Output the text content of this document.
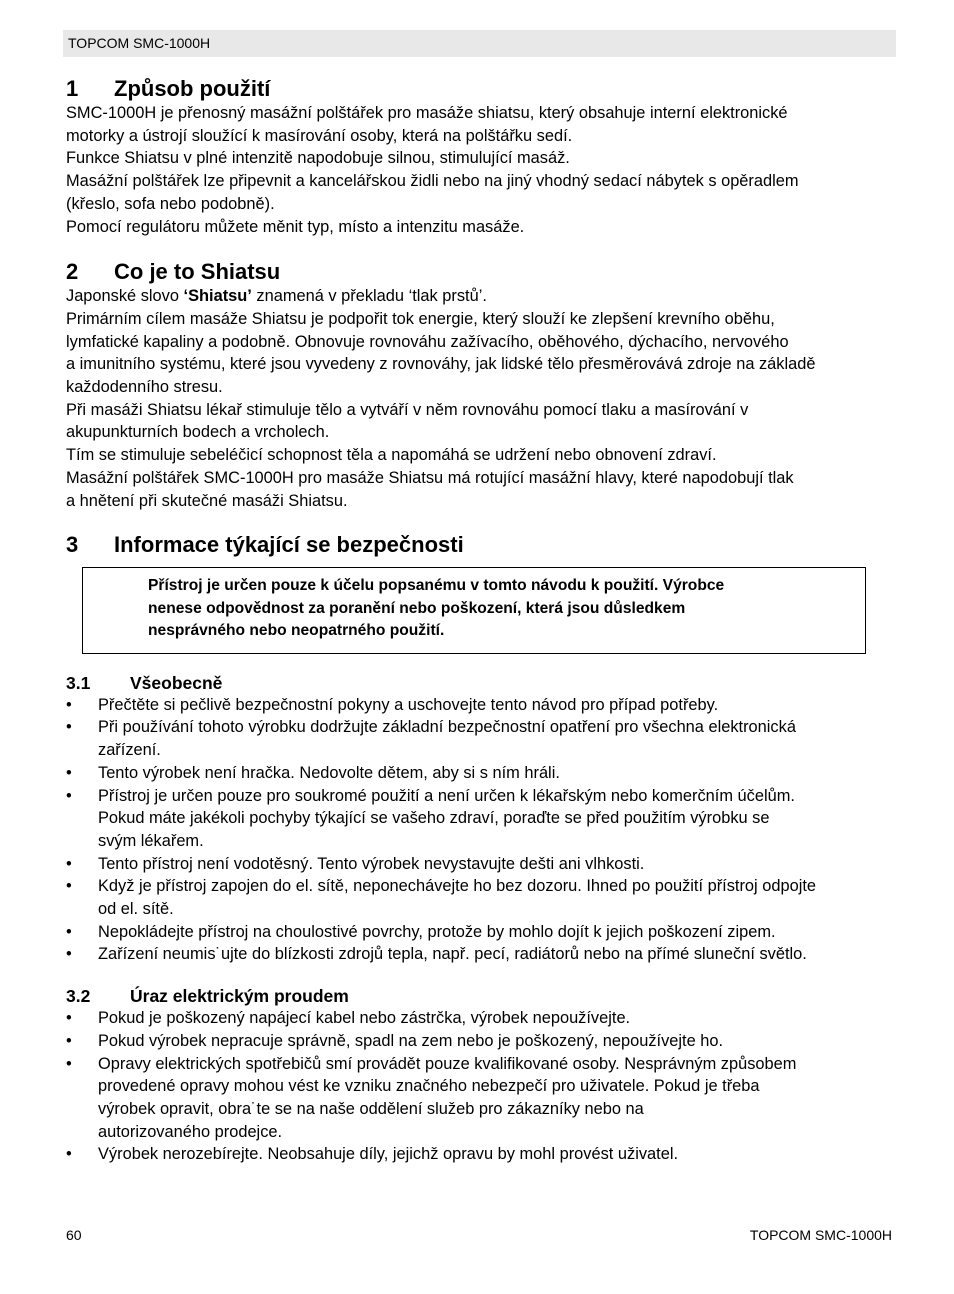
TOPCOM SMC-1000H
1	Způsob použití

SMC-1000H je přenosný masážní polštářek pro masáže shiatsu, který obsahuje interní elektronické

motorky a ústrojí sloužící k masírování osoby, která na polštářku sedí.

Funkce Shiatsu v plné intenzitě napodobuje silnou, stimulující masáž.

Masážní polštářek lze připevnit a kancelářskou židli nebo na jiný vhodný sedací nábytek s opěradlem

(křeslo, sofa nebo podobně).

Pomocí regulátoru můžete měnit typ, místo a intenzitu masáže.

2	Co je to Shiatsu

Japonské slovo ‘Shiatsu’ znamená v překladu ‘tlak prstů’.

Primárním cílem masáže Shiatsu je podpořit tok energie, který slouží ke zlepšení krevního oběhu,

lymfatické kapaliny a podobně. Obnovuje rovnováhu zažívacího, oběhového, dýchacího, nervového

a imunitního systému, které jsou vyvedeny z rovnováhy, jak lidské tělo přesměrovává zdroje na základě

každodenního stresu.

Při masáži Shiatsu lékař stimuluje tělo a vytváří v něm rovnováhu pomocí tlaku a masírování v

akupunkturních bodech a vrcholech.

Tím se stimuluje sebeléčicí schopnost těla a napomáhá se udržení nebo obnovení zdraví.

Masážní polštářek SMC-1000H pro masáže Shiatsu má rotující masážní hlavy, které napodobují tlak

a hnětení při skutečné masáži Shiatsu.

3	Informace týkající se bezpečnosti
Přístroj je určen pouze k účelu popsanému v tomto návodu k použití. Výrobce
nenese odpovědnost za poranění nebo poškození, která jsou důsledkem
nesprávného nebo neopatrného použití.
3.1	Všeobecně
• Přečtěte si pečlivě bezpečnostní pokyny a uschovejte tento návod pro případ potřeby.
• Při používání tohoto výrobku dodržujte základní bezpečnostní opatření pro všechna elektronická
zařízení.
• Tento výrobek není hračka. Nedovolte dětem, aby si s ním hráli.
• Přístroj je určen pouze pro soukromé použití a není určen k lékařským nebo komerčním účelům.
Pokud máte jakékoli pochyby týkající se vašeho zdraví, poraďte se před použitím výrobku se
svým lékařem.
• Tento přístroj není vodotěsný. Tento výrobek nevystavujte dešti ani vlhkosti.
• Když je přístroj zapojen do el. sítě, neponechávejte ho bez dozoru. Ihned po použití přístroj odpojte
od el. sítě.
• Nepokládejte přístroj na choulostivé povrchy, protože by mohlo dojít k jejich poškození zipem.
• Zařízení neumis˙ujte do blízkosti zdrojů tepla, např. pecí, radiátorů nebo na přímé sluneční světlo.
3.2	Úraz elektrickým proudem
• Pokud je poškozený napájecí kabel nebo zástrčka, výrobek nepoužívejte.
• Pokud výrobek nepracuje správně, spadl na zem nebo je poškozený, nepoužívejte ho.
• Opravy elektrických spotřebičů smí provádět pouze kvalifikované osoby. Nesprávným způsobem
provedené opravy mohou vést ke vzniku značného nebezpečí pro uživatele. Pokud je třeba
výrobek opravit, obra˙te se na naše oddělení služeb pro zákazníky nebo na
autorizovaného prodejce.
• Výrobek nerozebírejte. Neobsahuje díly, jejichž opravu by mohl provést uživatel.
60	TOPCOM SMC-1000H
